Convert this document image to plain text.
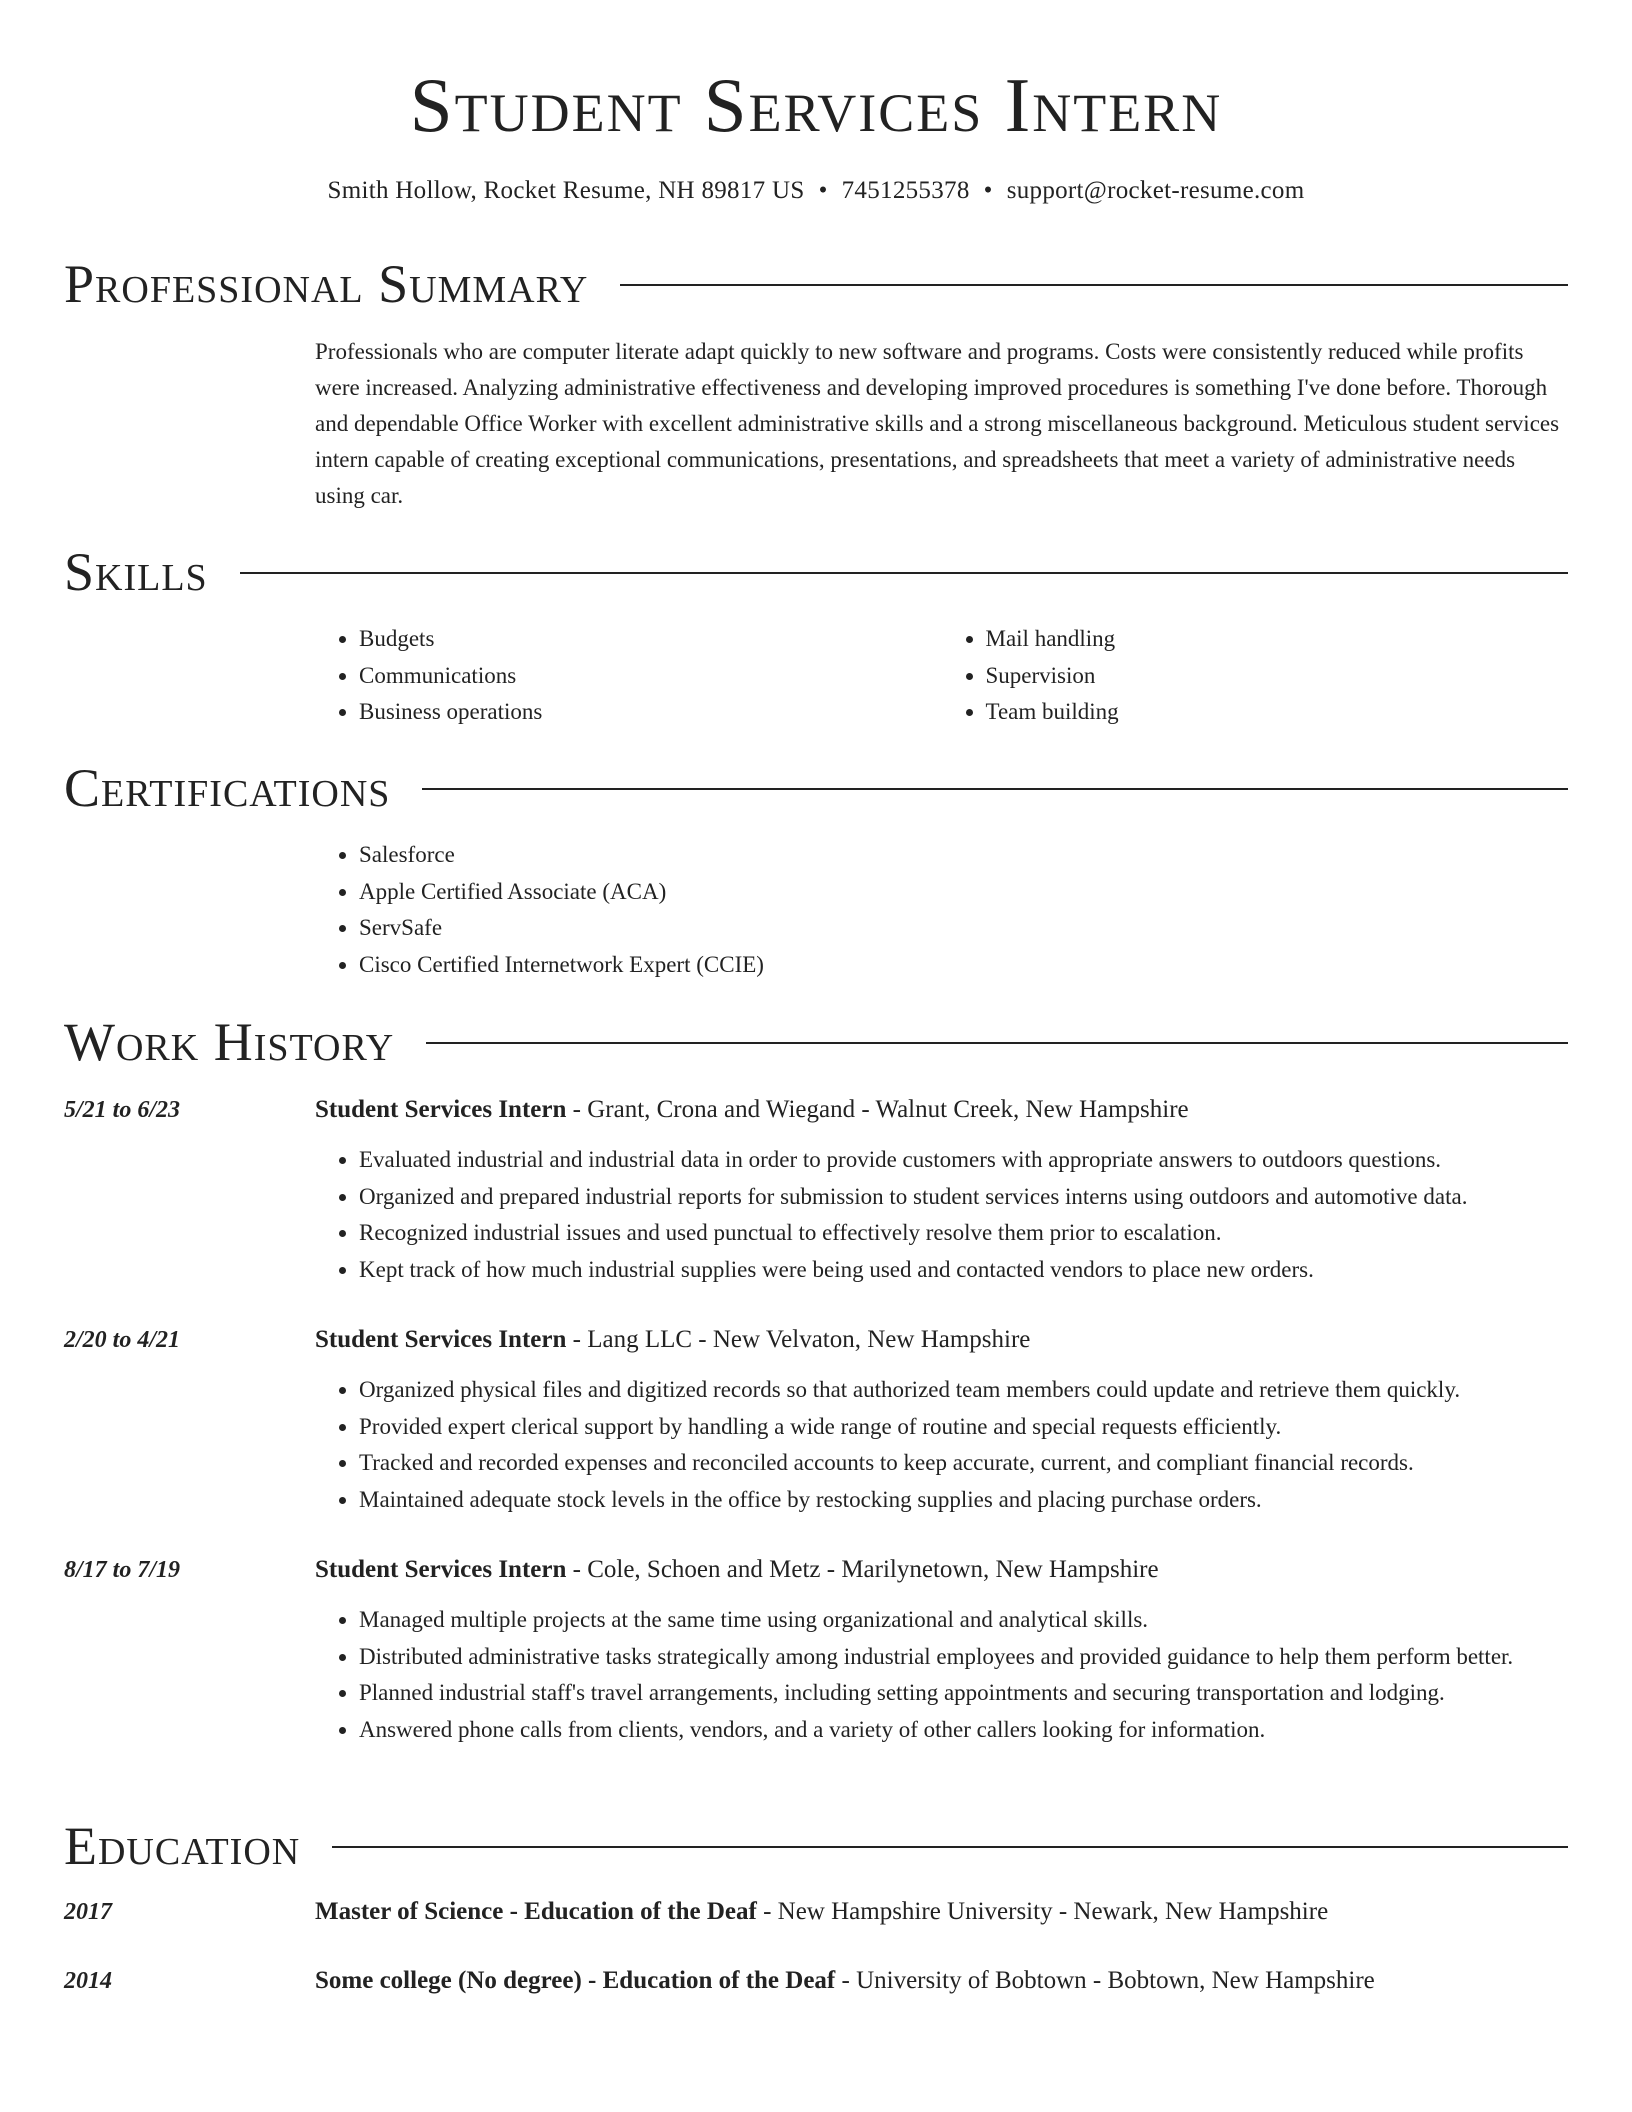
Student Services Intern
Smith Hollow, Rocket Resume, NH 89817 US • 7451255378 • support@rocket-resume.com
Professional Summary

Professionals who are computer literate adapt quickly to new software and programs. Costs were consistently reduced while profits were increased. Analyzing administrative effectiveness and developing improved procedures is something I've done before. Thorough and dependable Office Worker with excellent administrative skills and a strong miscellaneous background. Meticulous student services intern capable of creating exceptional communications, presentations, and spreadsheets that meet a variety of administrative needs using car.

Skills
• Budgets
• Communications
• Business operations
• Mail handling
• Supervision
• Team building
Certifications
• Salesforce
• Apple Certified Associate (ACA)
• ServSafe
• Cisco Certified Internetwork Expert (CCIE)
Work History
5/21 to 6/23	Student Services Intern - Grant, Crona and Wiegand - Walnut Creek, New Hampshire
• Evaluated industrial and industrial data in order to provide customers with appropriate answers to outdoors questions.
• Organized and prepared industrial reports for submission to student services interns using outdoors and automotive data.
• Recognized industrial issues and used punctual to effectively resolve them prior to escalation.
• Kept track of how much industrial supplies were being used and contacted vendors to place new orders.
2/20 to 4/21	Student Services Intern - Lang LLC - New Velvaton, New Hampshire
• Organized physical files and digitized records so that authorized team members could update and retrieve them quickly.
• Provided expert clerical support by handling a wide range of routine and special requests efficiently.
• Tracked and recorded expenses and reconciled accounts to keep accurate, current, and compliant financial records.
• Maintained adequate stock levels in the office by restocking supplies and placing purchase orders.
8/17 to 7/19	Student Services Intern - Cole, Schoen and Metz - Marilynetown, New Hampshire
• Managed multiple projects at the same time using organizational and analytical skills.
• Distributed administrative tasks strategically among industrial employees and provided guidance to help them perform better.
• Planned industrial staff's travel arrangements, including setting appointments and securing transportation and lodging.
• Answered phone calls from clients, vendors, and a variety of other callers looking for information.
Education
2017	Master of Science - Education of the Deaf - New Hampshire University - Newark, New Hampshire
2014	Some college (No degree) - Education of the Deaf - University of Bobtown - Bobtown, New Hampshire
